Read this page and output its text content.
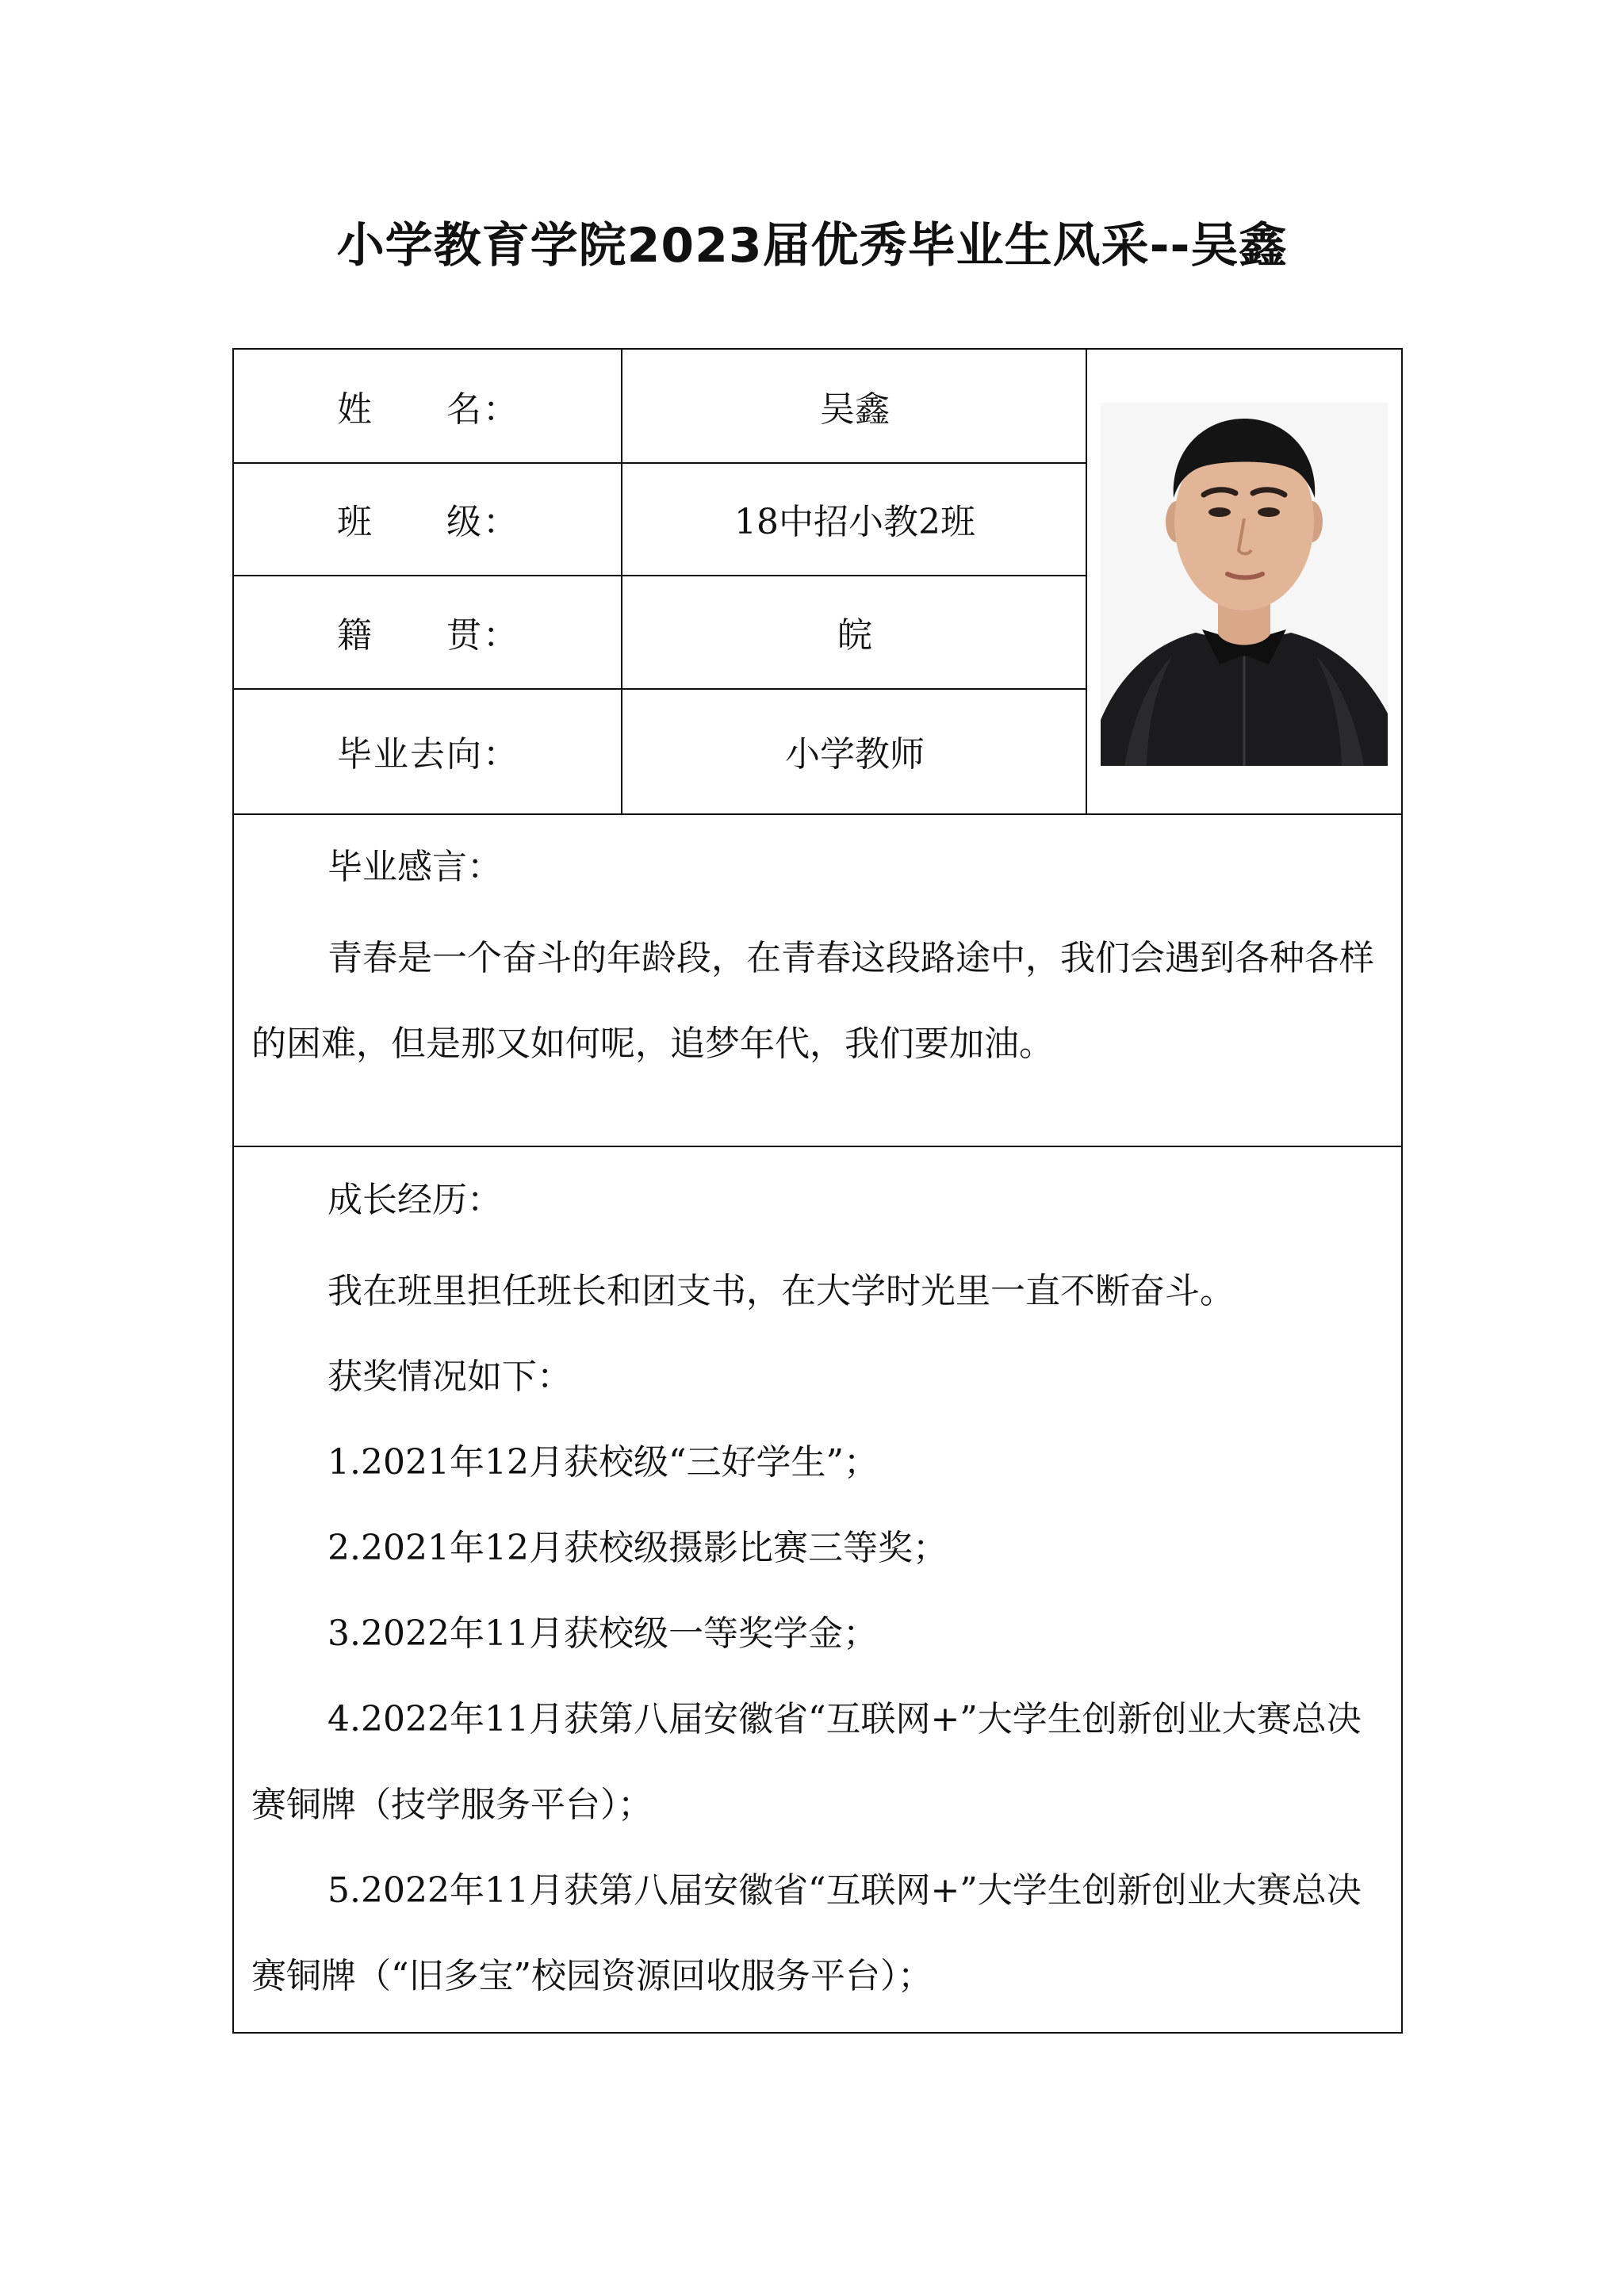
小学教育学院2023届优秀毕业生风采--吴鑫
姓　　名：	吴鑫
班　　级：	18中招小教2班
籍　　贯：	皖
毕业去向：	小学教师
毕业感言：

青春是一个奋斗的年龄段，在青春这段路途中，我们会遇到各种各样的困难，但是那又如何呢，追梦年代，我们要加油。

成长经历：

我在班里担任班长和团支书，在大学时光里一直不断奋斗。

获奖情况如下：

1.2021年12月获校级“三好学生”；

2.2021年12月获校级摄影比赛三等奖；

3.2022年11月获校级一等奖学金；

4.2022年11月获第八届安徽省“互联网+”大学生创新创业大赛总决赛铜牌（技学服务平台）；

5.2022年11月获第八届安徽省“互联网+”大学生创新创业大赛总决赛铜牌（“旧多宝”校园资源回收服务平台）；
